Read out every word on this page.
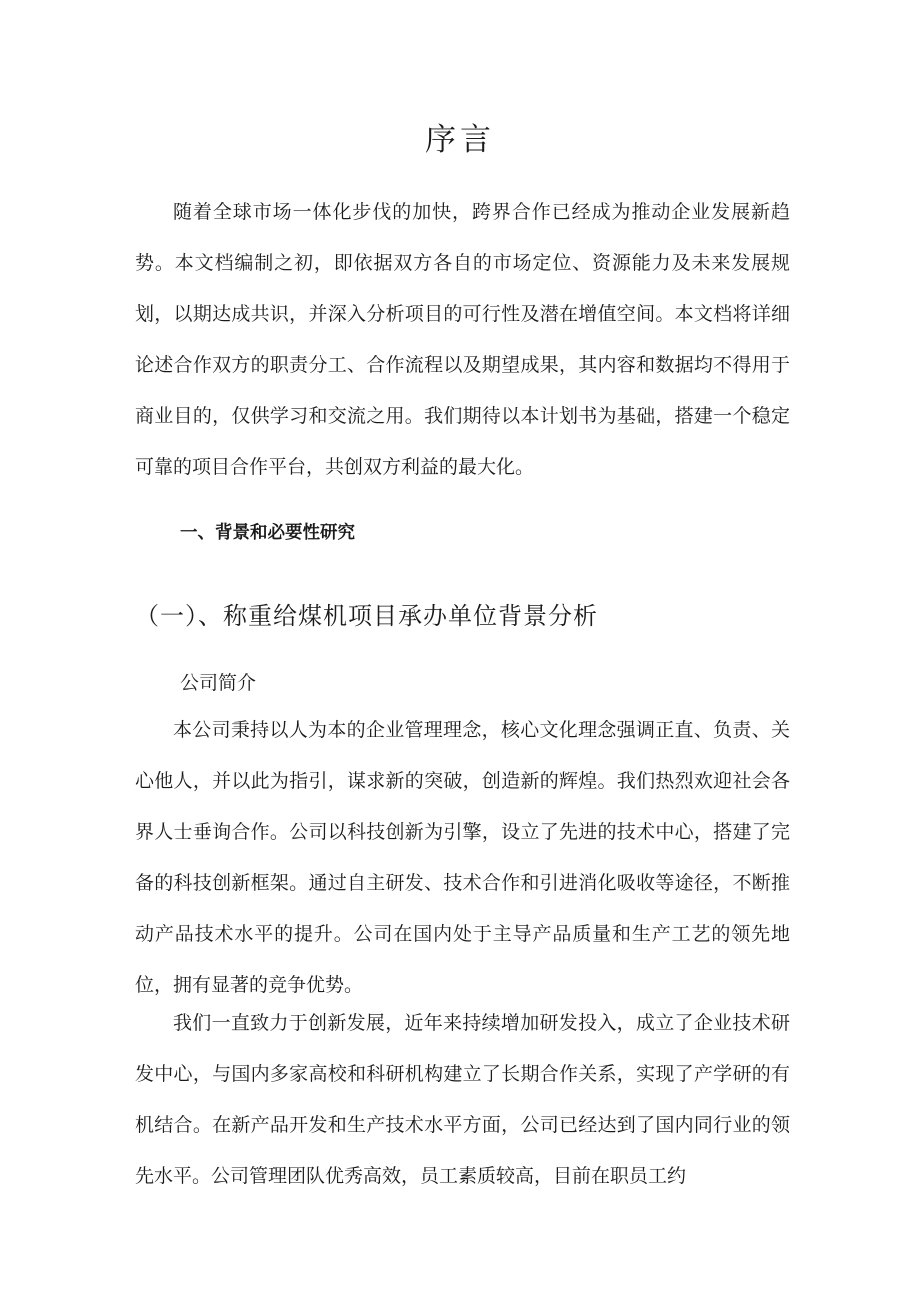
序言

随着全球市场一体化步伐的加快，跨界合作已经成为推动企业发展新趋势。本文档编制之初，即依据双方各自的市场定位、资源能力及未来发展规划，以期达成共识，并深入分析项目的可行性及潜在增值空间。本文档将详细论述合作双方的职责分工、合作流程以及期望成果，其内容和数据均不得用于商业目的，仅供学习和交流之用。我们期待以本计划书为基础，搭建一个稳定可靠的项目合作平台，共创双方利益的最大化。

一、背景和必要性研究
（一）、称重给煤机项目承办单位背景分析
公司简介

本公司秉持以人为本的企业管理理念，核心文化理念强调正直、负责、关心他人，并以此为指引，谋求新的突破，创造新的辉煌。我们热烈欢迎社会各界人士垂询合作。公司以科技创新为引擎，设立了先进的技术中心，搭建了完备的科技创新框架。通过自主研发、技术合作和引进消化吸收等途径，不断推动产品技术水平的提升。公司在国内处于主导产品质量和生产工艺的领先地位，拥有显著的竞争优势。

我们一直致力于创新发展，近年来持续增加研发投入，成立了企业技术研发中心，与国内多家高校和科研机构建立了长期合作关系，实现了产学研的有机结合。在新产品开发和生产技术水平方面，公司已经达到了国内同行业的领先水平。公司管理团队优秀高效，员工素质较高，目前在职员工约
